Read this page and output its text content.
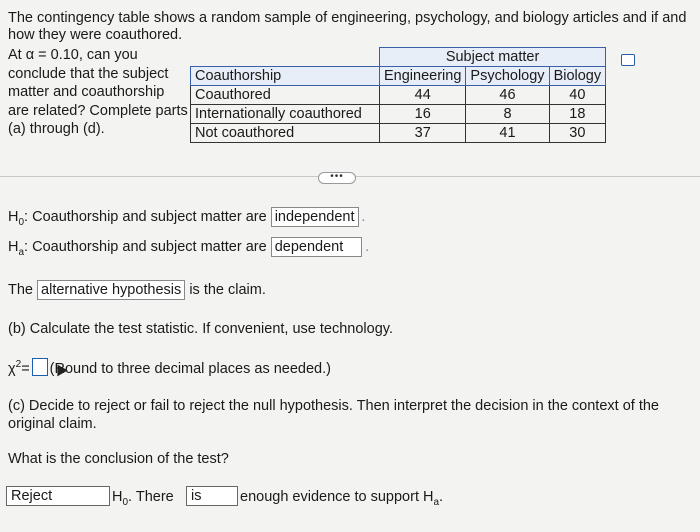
The contingency table shows a random sample of engineering, psychology, and biology articles and if and how they were coauthored.
At α = 0.10, can you conclude that the subject matter and coauthorship are related? Complete parts (a) through (d).
	Subject matter		
Coauthorship	Engineering	Psychology	Biology
Coauthored	44	46	40
Internationally coauthored	16	8	18
Not coauthored	37	41	30
•••
$H_0$: Coauthorship and subject matter are independent .
$H_a$: Coauthorship and subject matter are dependent .
The alternative hypothesis is the claim.
(b) Calculate the test statistic. If convenient, use technology.
$\chi^2=$ (Round to three decimal places as needed.)
(c) Decide to reject or fail to reject the null hypothesis. Then interpret the decision in the context of the original claim.
What is the conclusion of the test?
Reject	$H_0$. There	is	enough evidence to support $H_a$.
